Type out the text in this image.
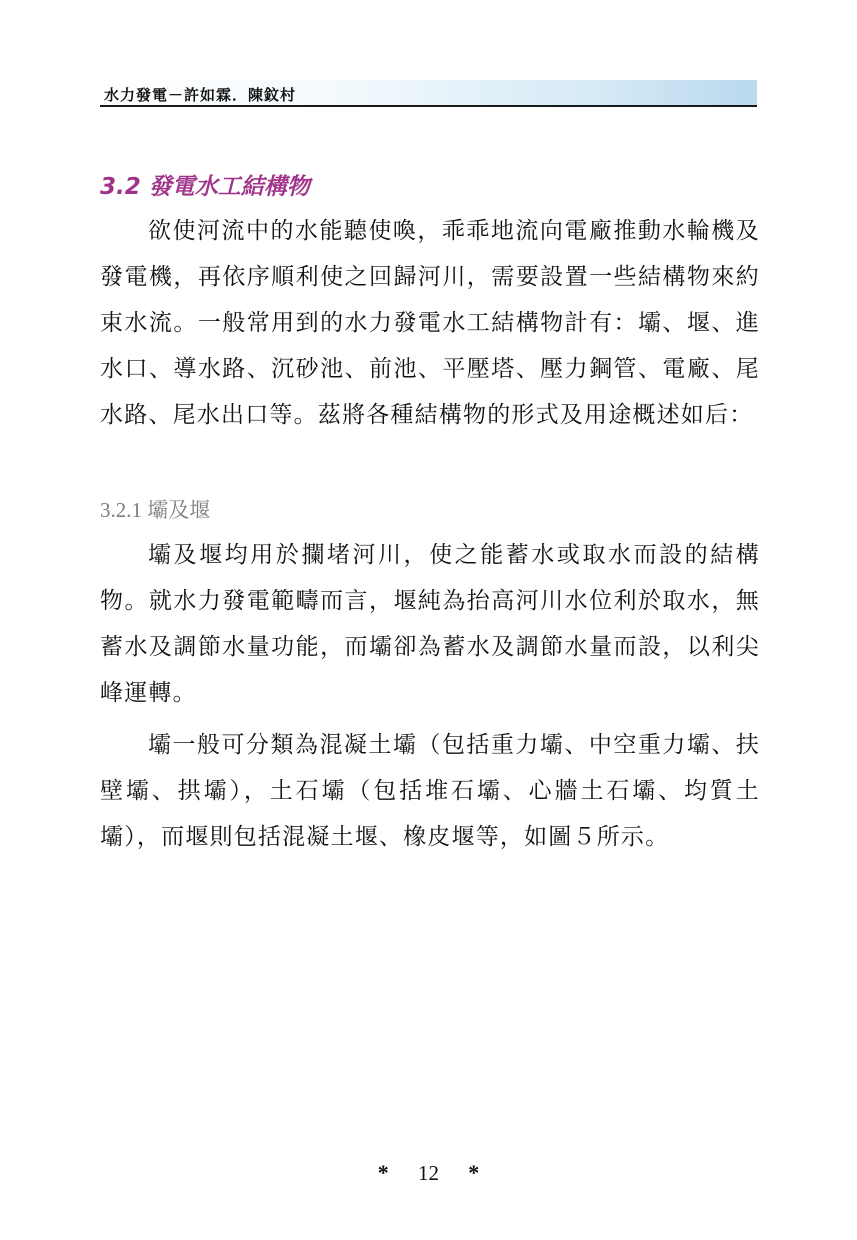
水力發電－許如霖．陳鈫村
3.2 發電水工結構物

欲使河流中的水能聽使喚，乖乖地流向電廠推動水輪機及發電機，再依序順利使之回歸河川，需要設置一些結構物來約束水流。一般常用到的水力發電水工結構物計有：壩、堰、進水口、導水路、沉砂池、前池、平壓塔、壓力鋼管、電廠、尾水路、尾水出口等。茲將各種結構物的形式及用途概述如后：

3.2.1 壩及堰

壩及堰均用於攔堵河川，使之能蓄水或取水而設的結構物。就水力發電範疇而言，堰純為抬高河川水位利於取水，無蓄水及調節水量功能，而壩卻為蓄水及調節水量而設，以利尖峰運轉。

壩一般可分類為混凝土壩（包括重力壩、中空重力壩、扶壁壩、拱壩），土石壩（包括堆石壩、心牆土石壩、均質土壩），而堰則包括混凝土堰、橡皮堰等，如圖５所示。

* 12 *
